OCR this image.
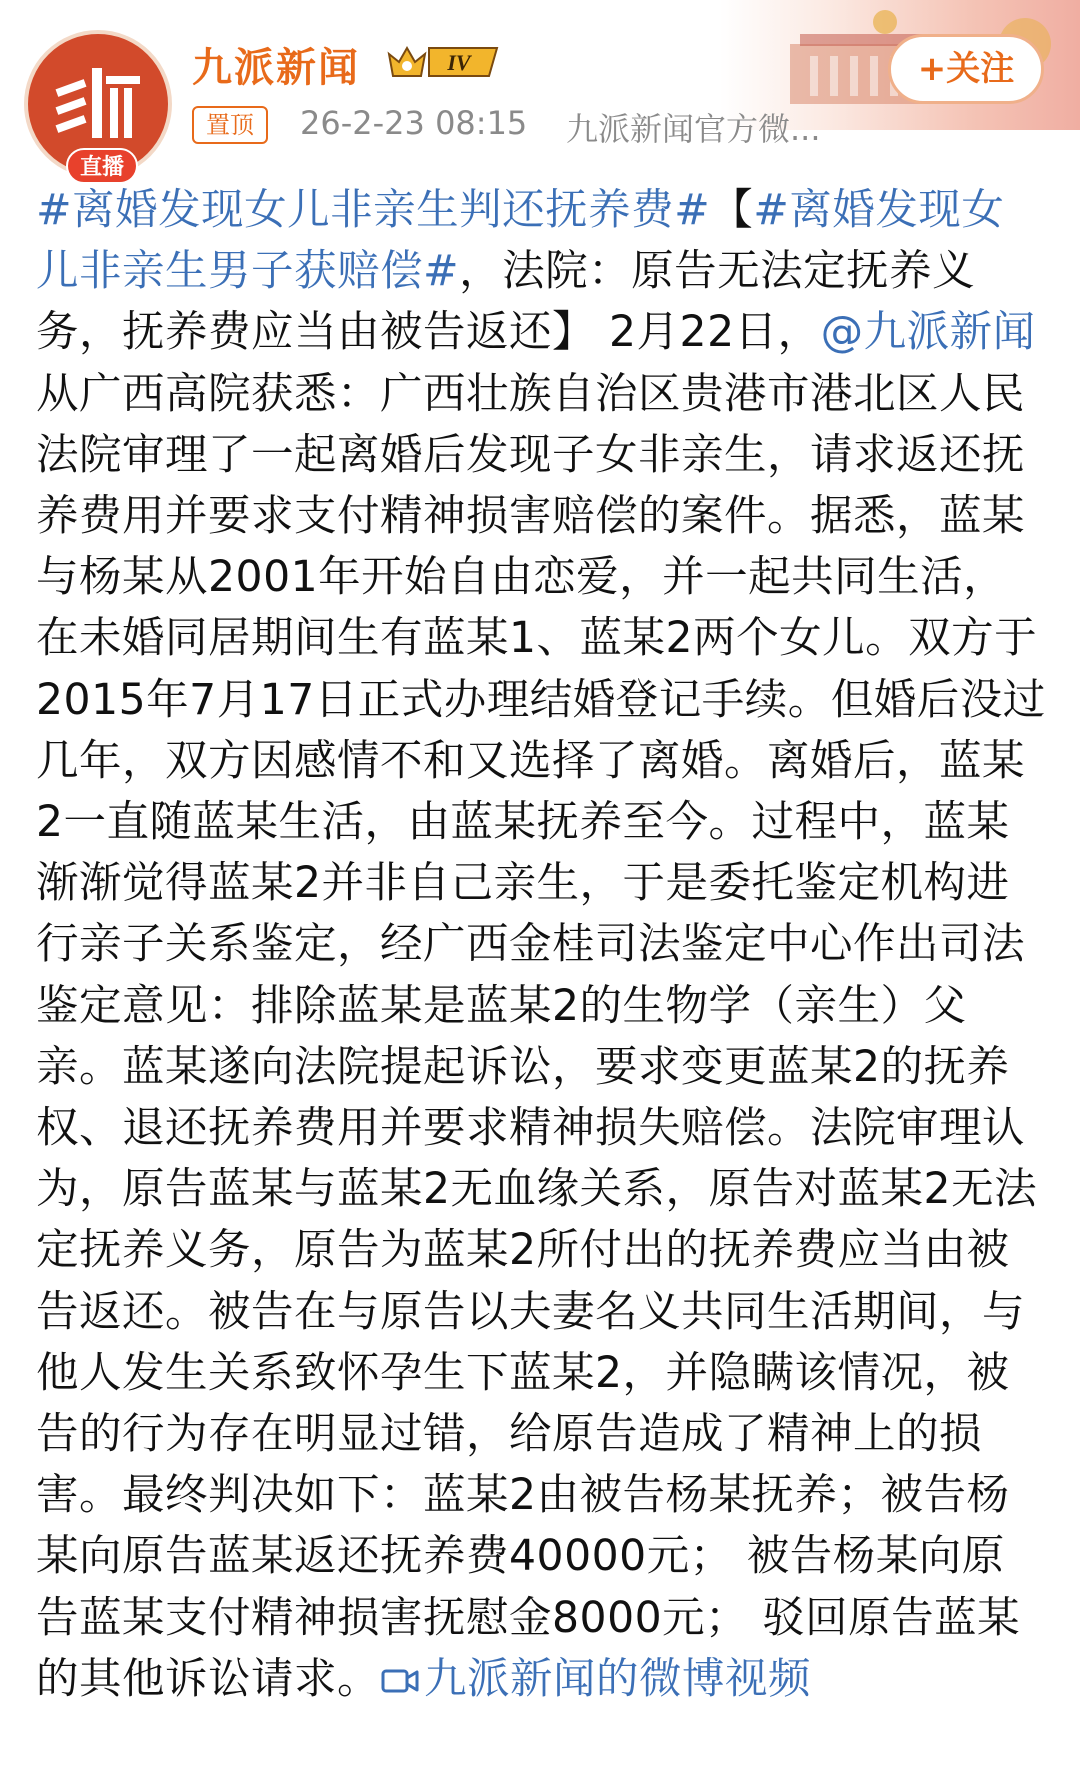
直播
九派新闻	IV	+关注
置顶	26-2-23 08:15 九派新闻官方微...
#离婚发现女儿非亲生判还抚养费#【#离婚发现女儿非亲生男子获赔偿#，法院：原告无法定抚养义务，抚养费应当由被告返还】 2月22日，@九派新闻 从广西高院获悉：广西壮族自治区贵港市港北区人民法院审理了一起离婚后发现子女非亲生，请求返还抚养费用并要求支付精神损害赔偿的案件。据悉，蓝某与杨某从2001年开始自由恋爱，并一起共同生活，在未婚同居期间生有蓝某1、蓝某2两个女儿。双方于2015年7月17日正式办理结婚登记手续。但婚后没过几年，双方因感情不和又选择了离婚。离婚后，蓝某2一直随蓝某生活，由蓝某抚养至今。过程中，蓝某渐渐觉得蓝某2并非自己亲生，于是委托鉴定机构进行亲子关系鉴定，经广西金桂司法鉴定中心作出司法鉴定意见：排除蓝某是蓝某2的生物学（亲生）父亲。蓝某遂向法院提起诉讼，要求变更蓝某2的抚养权、退还抚养费用并要求精神损失赔偿。法院审理认为，原告蓝某与蓝某2无血缘关系，原告对蓝某2无法定抚养义务，原告为蓝某2所付出的抚养费应当由被告返还。被告在与原告以夫妻名义共同生活期间，与他人发生关系致怀孕生下蓝某2，并隐瞒该情况，被告的行为存在明显过错，给原告造成了精神上的损害。最终判决如下：蓝某2由被告杨某抚养；被告杨某向原告蓝某返还抚养费40000元； 被告杨某向原告蓝某支付精神损害抚慰金8000元； 驳回原告蓝某的其他诉讼请求。 九派新闻的微博视频
